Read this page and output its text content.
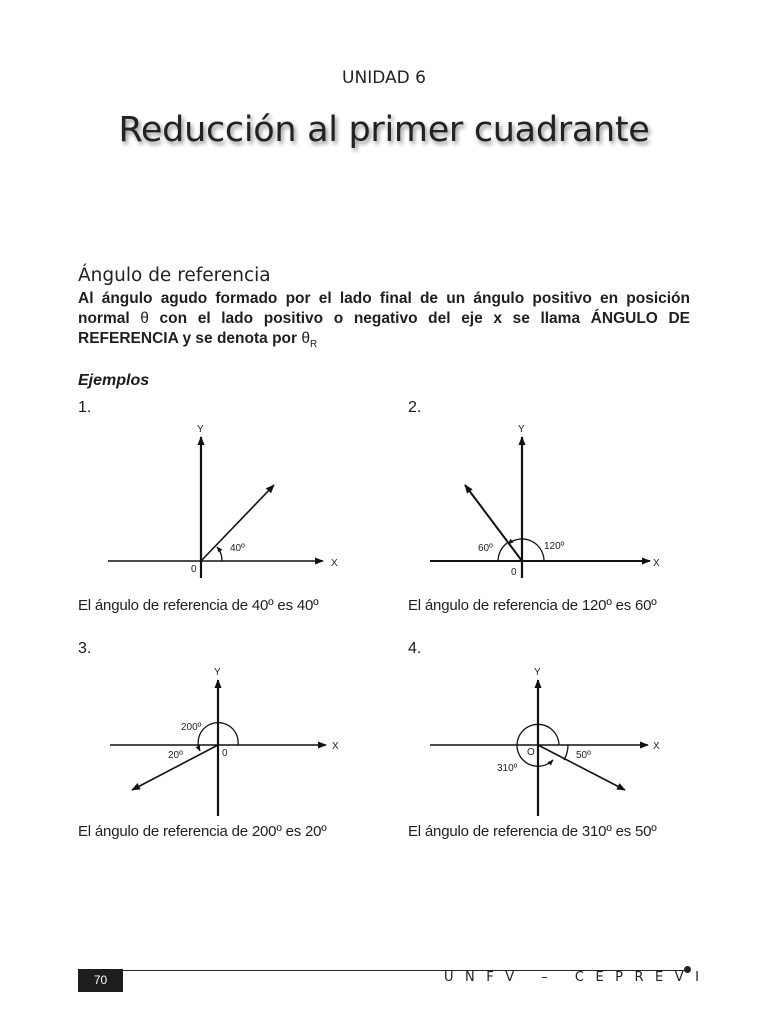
UNIDAD 6
Reducción al primer cuadrante
Ángulo de referencia
Al ángulo agudo formado por el lado final de un ángulo positivo en posición normal θ con el lado positivo o negativo del eje x se llama ÁNGULO DE REFERENCIA y se denota por $\theta_R$
Ejemplos
1.	2.
3.	4.
Y
X
0
40º
Y
X
0
120º
60º
Y
X
0
200º
20º
Y
X
O
310º
50º
El ángulo de referencia de 40º es 40º	El ángulo de referencia de 120º es 60º
El ángulo de referencia de 200º es 20º	El ángulo de referencia de 310º es 50º
70	UNFV – CEPREVI
